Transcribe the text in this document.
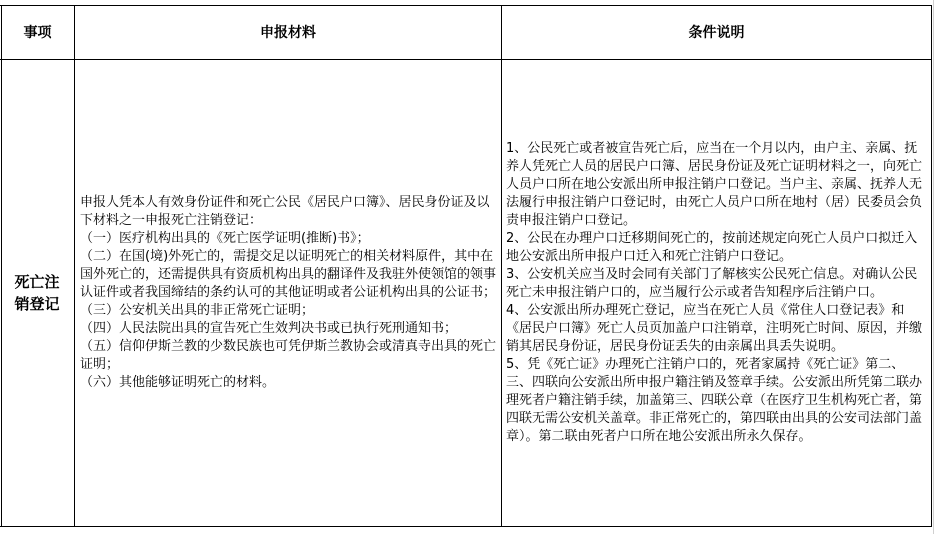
事项	申报材料	条件说明
死亡注销登记

申报人凭本人有效身份证件和死亡公民《居民户口簿》、居民身份证及以下材料之一申报死亡注销登记：

（一）医疗机构出具的《死亡医学证明(推断)书》；

（二）在国(境)外死亡的，需提交足以证明死亡的相关材料原件，其中在国外死亡的，还需提供具有资质机构出具的翻译件及我驻外使领馆的领事认证件或者我国缔结的条约认可的其他证明或者公证机构出具的公证书；

（三）公安机关出具的非正常死亡证明；

（四）人民法院出具的宣告死亡生效判决书或已执行死刑通知书；

（五）信仰伊斯兰教的少数民族也可凭伊斯兰教协会或清真寺出具的死亡证明；

（六）其他能够证明死亡的材料。

1、公民死亡或者被宣告死亡后，应当在一个月以内，由户主、亲属、抚养人凭死亡人员的居民户口簿、居民身份证及死亡证明材料之一，向死亡人员户口所在地公安派出所申报注销户口登记。当户主、亲属、抚养人无法履行申报注销户口登记时，由死亡人员户口所在地村（居）民委员会负责申报注销户口登记。

2、公民在办理户口迁移期间死亡的，按前述规定向死亡人员户口拟迁入地公安派出所申报户口迁入和死亡注销户口登记。

3、公安机关应当及时会同有关部门了解核实公民死亡信息。对确认公民死亡未申报注销户口的，应当履行公示或者告知程序后注销户口。

4、公安派出所办理死亡登记，应当在死亡人员《常住人口登记表》和《居民户口簿》死亡人员页加盖户口注销章，注明死亡时间、原因，并缴销其居民身份证，居民身份证丢失的由亲属出具丢失说明。

5、凭《死亡证》办理死亡注销户口的，死者家属持《死亡证》第二、三、四联向公安派出所申报户籍注销及签章手续。公安派出所凭第二联办理死者户籍注销手续，加盖第三、四联公章（在医疗卫生机构死亡者，第四联无需公安机关盖章。非正常死亡的，第四联由出具的公安司法部门盖章）。第二联由死者户口所在地公安派出所永久保存。
